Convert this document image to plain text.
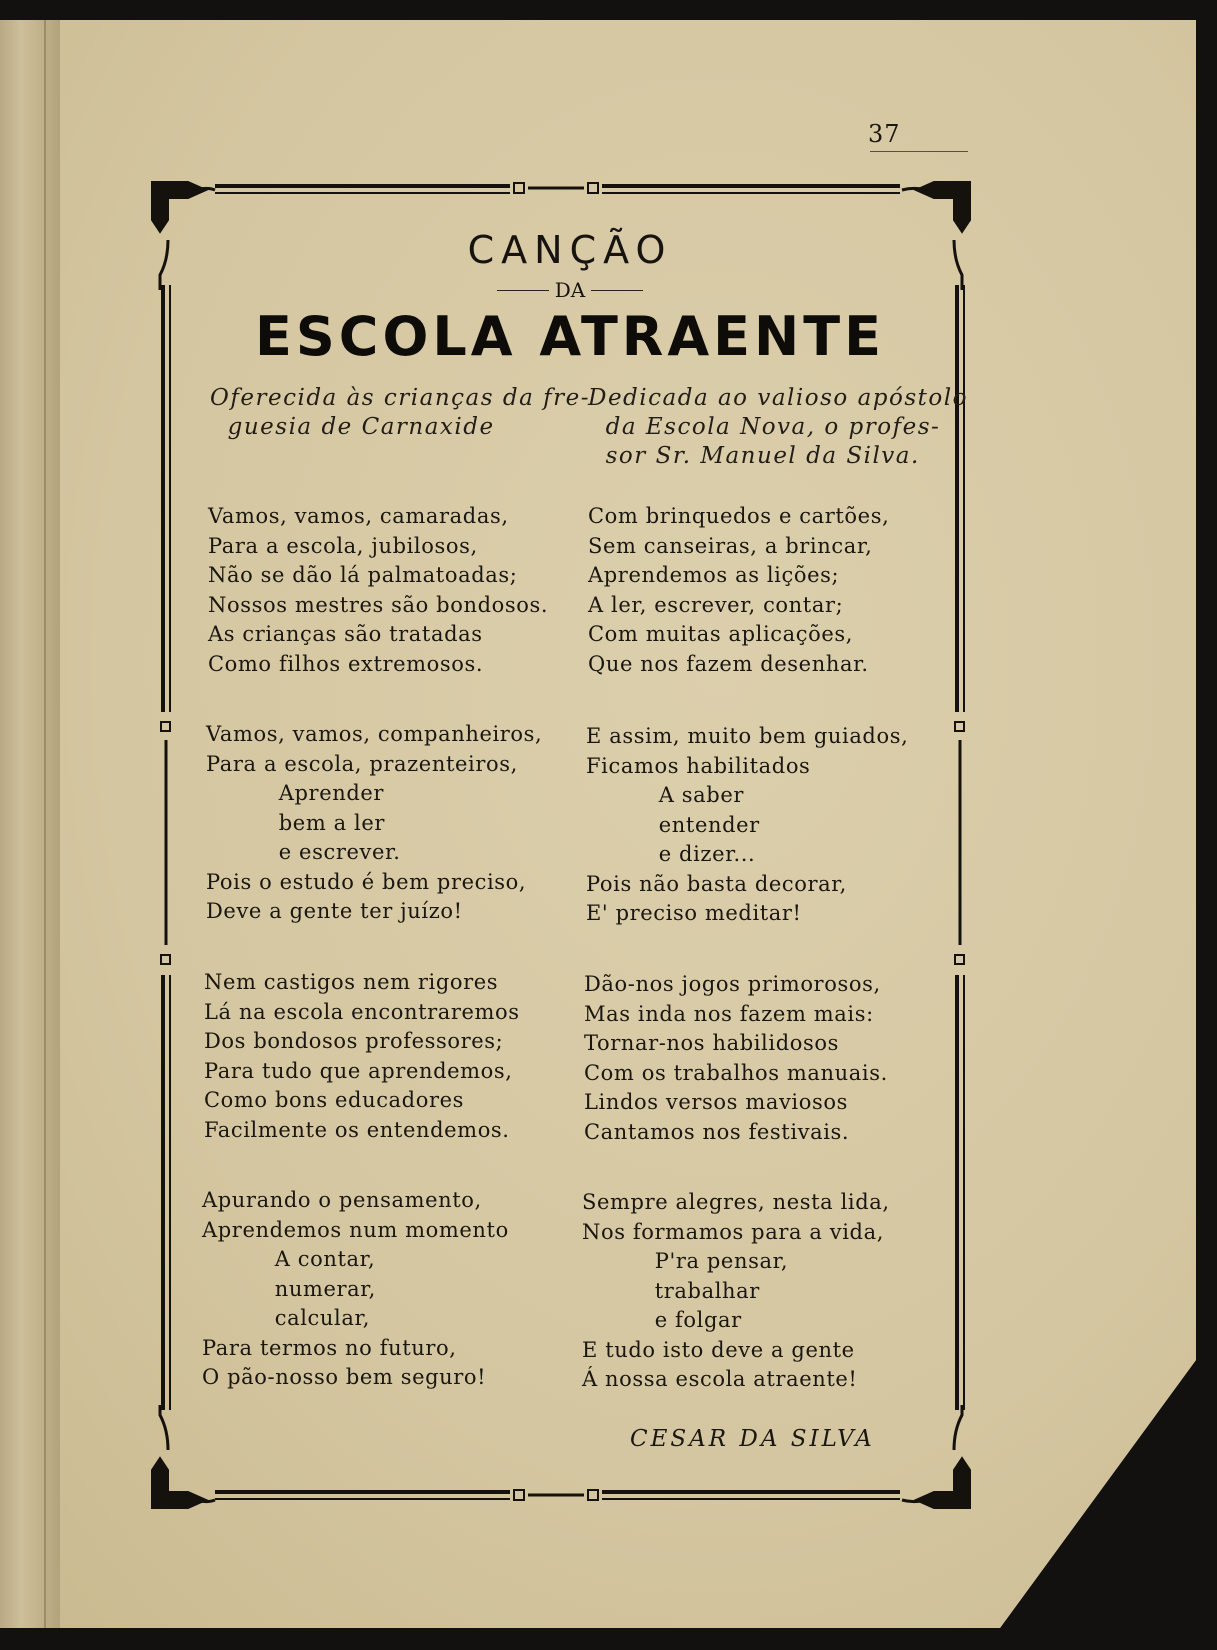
37

CANÇÃO

DA

ESCOLA ATRAENTE

Oferecida às crianças da fre-
guesia de Carnaxide

Dedicada ao valioso apóstolo
da Escola Nova, o profes-
sor Sr. Manuel da Silva.

Vamos, vamos, camaradas,
Para a escola, jubilosos,
Não se dão lá palmatoadas;
Nossos mestres são bondosos.
As crianças são tratadas
Como filhos extremosos.
Vamos, vamos, companheiros,
Para a escola, prazenteiros,
Aprender
bem a ler
e escrever.
Pois o estudo é bem preciso,
Deve a gente ter juízo!
Nem castigos nem rigores
Lá na escola encontraremos
Dos bondosos professores;
Para tudo que aprendemos,
Como bons educadores
Facilmente os entendemos.
Apurando o pensamento,
Aprendemos num momento
A contar,
numerar,
calcular,
Para termos no futuro,
O pão-nosso bem seguro!
Com brinquedos e cartões,
Sem canseiras, a brincar,
Aprendemos as lições;
A ler, escrever, contar;
Com muitas aplicações,
Que nos fazem desenhar.
E assim, muito bem guiados,
Ficamos habilitados
A saber
entender
e dizer...
Pois não basta decorar,
E' preciso meditar!
Dão-nos jogos primorosos,
Mas inda nos fazem mais:
Tornar-nos habilidosos
Com os trabalhos manuais.
Lindos versos maviosos
Cantamos nos festivais.
Sempre alegres, nesta lida,
Nos formamos para a vida,
P'ra pensar,
trabalhar
e folgar
E tudo isto deve a gente
Á nossa escola atraente!

CESAR DA SILVA
